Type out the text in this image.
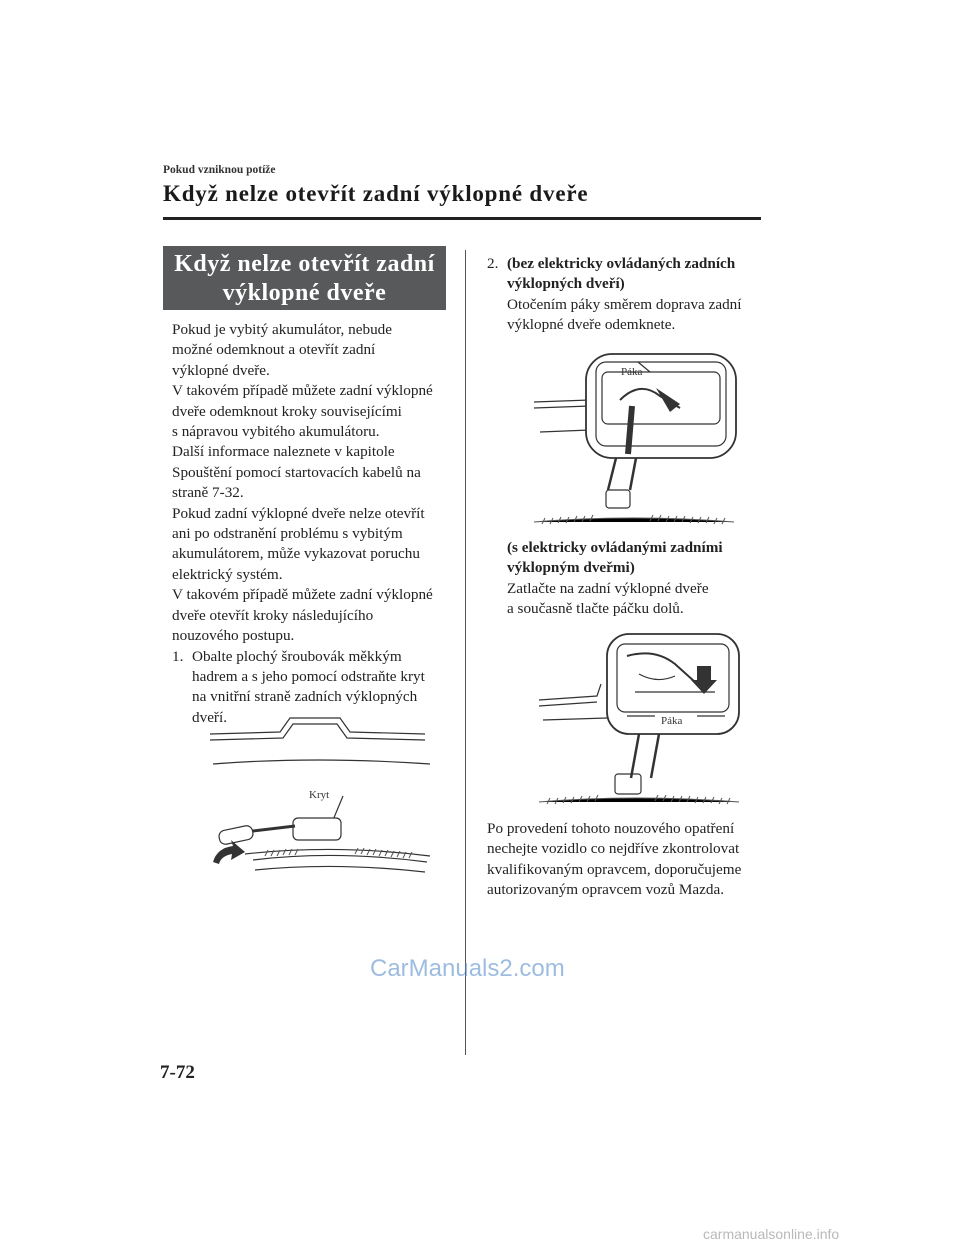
Pokud vzniknou potíže
Když nelze otevřít zadní výklopné dveře
Když nelze otevřít zadní
výklopné dveře

Pokud je vybitý akumulátor, nebude
možné odemknout a otevřít zadní
výklopné dveře.

V takovém případě můžete zadní výklopné
dveře odemknout kroky souvisejícími
s nápravou vybitého akumulátoru.

Další informace naleznete v kapitole
Spouštění pomocí startovacích kabelů na
straně 7-32.

Pokud zadní výklopné dveře nelze otevřít
ani po odstranění problému s vybitým
akumulátorem, může vykazovat poruchu
elektrický systém.

V takovém případě můžete zadní výklopné
dveře otevřít kroky následujícího
nouzového postupu.

1. Obalte plochý šroubovák měkkým
hadrem a s jeho pomocí odstraňte kryt
na vnitřní straně zadních výklopných
dveří.
Kryt
2. (bez elektricky ovládaných zadních
výklopných dveří)
Otočením páky směrem doprava zadní
výklopné dveře odemknete.
Páka
(s elektricky ovládanými zadními
výklopným dveřmi)
Zatlačte na zadní výklopné dveře
a současně tlačte páčku dolů.
Páka
Po provedení tohoto nouzového opatření
nechejte vozidlo co nejdříve zkontrolovat
kvalifikovaným opravcem, doporučujeme
autorizovaným opravcem vozů Mazda.
CarManuals2.com
7-72
carmanualsonline.info
